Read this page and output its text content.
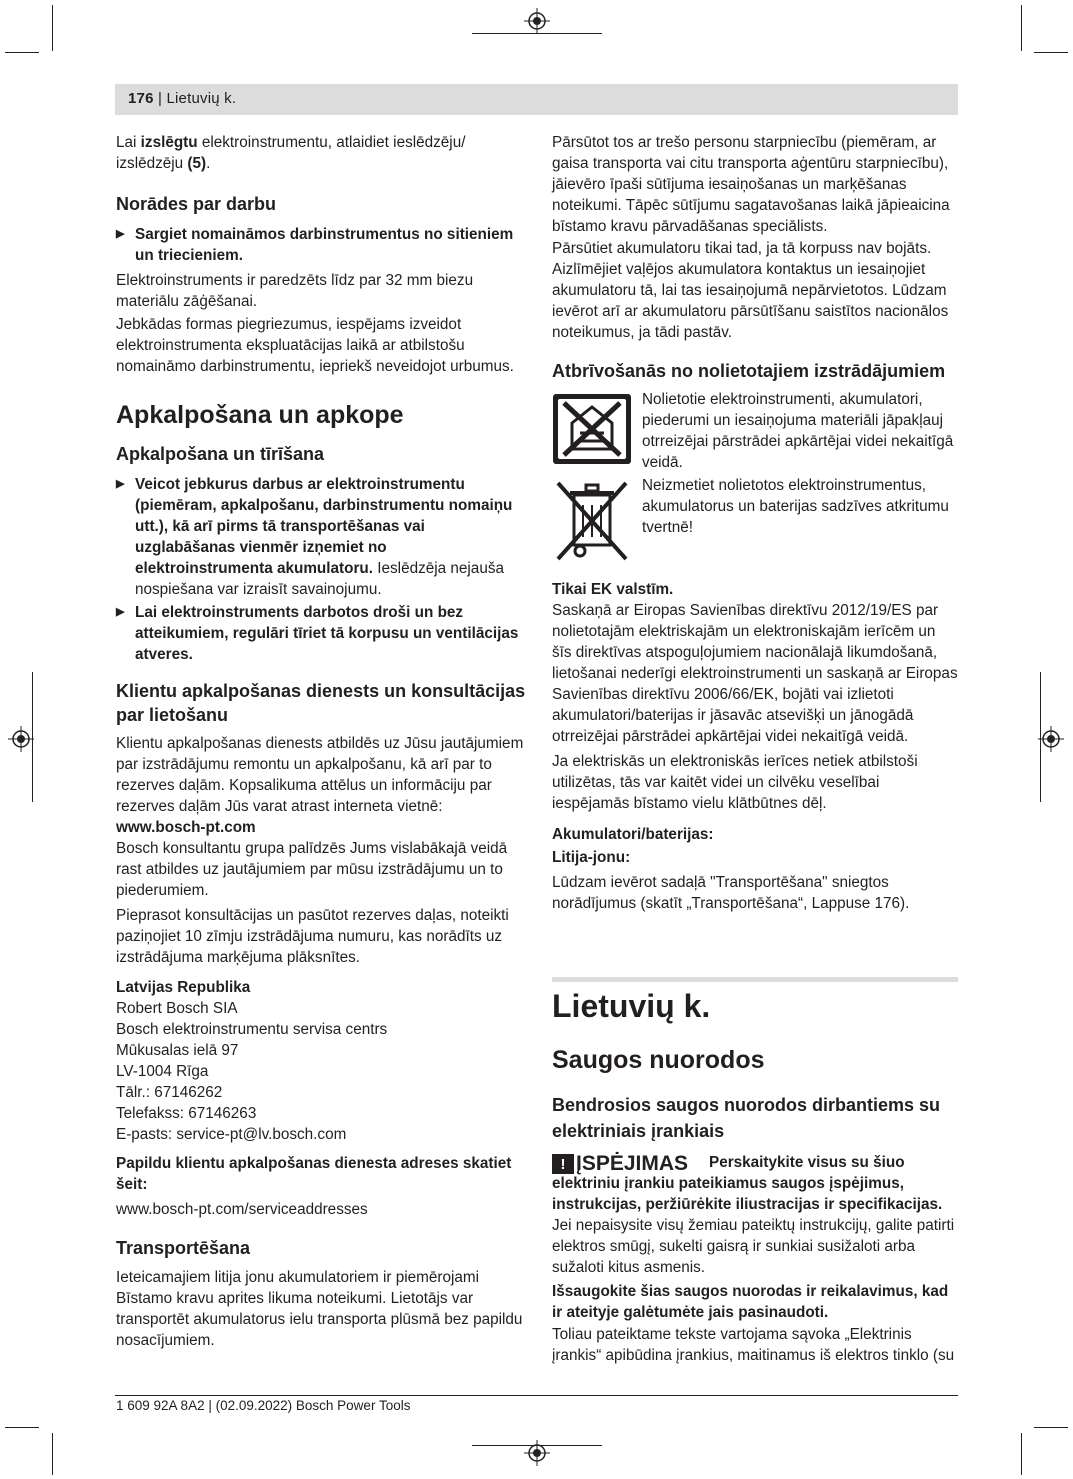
176 | Lietuvių k.

Lai izslēgtu elektroinstrumentu, atlaidiet ieslēdzēju/ izslēdzēju (5).

Norādes par darbu

▶ Sargiet nomaināmos darbinstrumentus no sitieniem un triecieniem.

Elektroinstruments ir paredzēts līdz par 32 mm biezu materiālu zāģēšanai.

Jebkādas formas piegriezumus, iespējams izveidot elektroinstrumenta ekspluatācijas laikā ar atbilstošu nomaināmo darbinstrumentu, iepriekš neveidojot urbumus.

Apkalpošana un apkope
Apkalpošana un tīrīšana

▶ Veicot jebkurus darbus ar elektroinstrumentu (piemēram, apkalpošanu, darbinstrumentu nomaiņu utt.), kā arī pirms tā transportēšanas vai uzglabāšanas vienmēr izņemiet no elektroinstrumenta akumulatoru. Ieslēdzēja nejauša nospiešana var izraisīt savainojumu.

▶ Lai elektroinstruments darbotos droši un bez atteikumiem, regulāri tīriet tā korpusu un ventilācijas atveres.

Klientu apkalpošanas dienests un konsultācijas par lietošanu

Klientu apkalpošanas dienests atbildēs uz Jūsu jautājumiem par izstrādājumu remontu un apkalpošanu, kā arī par to rezerves daļām. Kopsalikuma attēlus un informāciju par rezerves daļām Jūs varat atrast interneta vietnē:

www.bosch-pt.com

Bosch konsultantu grupa palīdzēs Jums vislabākajā veidā rast atbildes uz jautājumiem par mūsu izstrādājumu un to piederumiem.

Pieprasot konsultācijas un pasūtot rezerves daļas, noteikti paziņojiet 10 zīmju izstrādājuma numuru, kas norādīts uz izstrādājuma marķējuma plāksnītes.

Latvijas Republika

Robert Bosch SIA

Bosch elektroinstrumentu servisa centrs

Mūkusalas ielā 97

LV-1004 Rīga

Tālr.: 67146262

Telefakss: 67146263

E-pasts: service-pt@lv.bosch.com

Papildu klientu apkalpošanas dienesta adreses skatiet šeit:

www.bosch-pt.com/serviceaddresses

Transportēšana

Ieteicamajiem litija jonu akumulatoriem ir piemērojami Bīstamo kravu aprites likuma noteikumi. Lietotājs var transportēt akumulatorus ielu transporta plūsmā bez papildu nosacījumiem.

Pārsūtot tos ar trešo personu starpniecību (piemēram, ar gaisa transporta vai citu transporta aģentūru starpniecību), jāievēro īpaši sūtījuma iesaiņošanas un marķēšanas noteikumi. Tāpēc sūtījumu sagatavošanas laikā jāpieaicina bīstamo kravu pārvadāšanas speciālists.

Pārsūtiet akumulatoru tikai tad, ja tā korpuss nav bojāts. Aizlīmējiet vaļējos akumulatora kontaktus un iesaiņojiet akumulatoru tā, lai tas iesaiņojumā nepārvietotos. Lūdzam ievērot arī ar akumulatoru pārsūtīšanu saistītos nacionālos noteikumus, ja tādi pastāv.

Atbrīvošanās no nolietotajiem izstrādājumiem

Nolietotie elektroinstrumenti, akumulatori, piederumi un iesaiņojuma materiāli jāpakļauj otrreizējai pārstrādei apkārtējai videi nekaitīgā veidā.

Neizmetiet nolietotos elektroinstrumentus, akumulatorus un baterijas sadzīves atkritumu tvertnē!

Tikai EK valstīm.

Saskaņā ar Eiropas Savienības direktīvu 2012/19/ES par nolietotajām elektriskajām un elektroniskajām ierīcēm un šīs direktīvas atspoguļojumiem nacionālajā likumdošanā, lietošanai nederīgi elektroinstrumenti un saskaņā ar Eiropas Savienības direktīvu 2006/66/EK, bojāti vai izlietoti akumulatori/baterijas ir jāsavāc atsevišķi un jānogādā otrreizējai pārstrādei apkārtējai videi nekaitīgā veidā.

Ja elektriskās un elektroniskās ierīces netiek atbilstoši utilizētas, tās var kaitēt videi un cilvēku veselībai iespējamās bīstamo vielu klātbūtnes dēļ.

Akumulatori/baterijas:

Litija-jonu:

Lūdzam ievērot sadaļā "Transportēšana" sniegtos norādījumus (skatīt „Transportēšana“, Lappuse 176).

Lietuvių k.
Saugos nuorodos
Bendrosios saugos nuorodos dirbantiems su elektriniais įrankiais
! ĮSPĖJIMAS	Perskaitykite visus su šiuo elektriniu įrankiu pateikiamus saugos įspėjimus, instrukcijas, peržiūrėkite iliustracijas ir specifikacijas. Jei nepaisysite visų žemiau pateiktų instrukcijų, galite patirti elektros smūgį, sukelti gaisrą ir sunkiai susižaloti arba sužaloti kitus asmenis.

Išsaugokite šias saugos nuorodas ir reikalavimus, kad ir ateityje galėtumėte jais pasinaudoti.

Toliau pateiktame tekste vartojama sąvoka „Elektrinis įrankis“ apibūdina įrankius, maitinamus iš elektros tinklo (su

1 609 92A 8A2 | (02.09.2022) Bosch Power Tools
